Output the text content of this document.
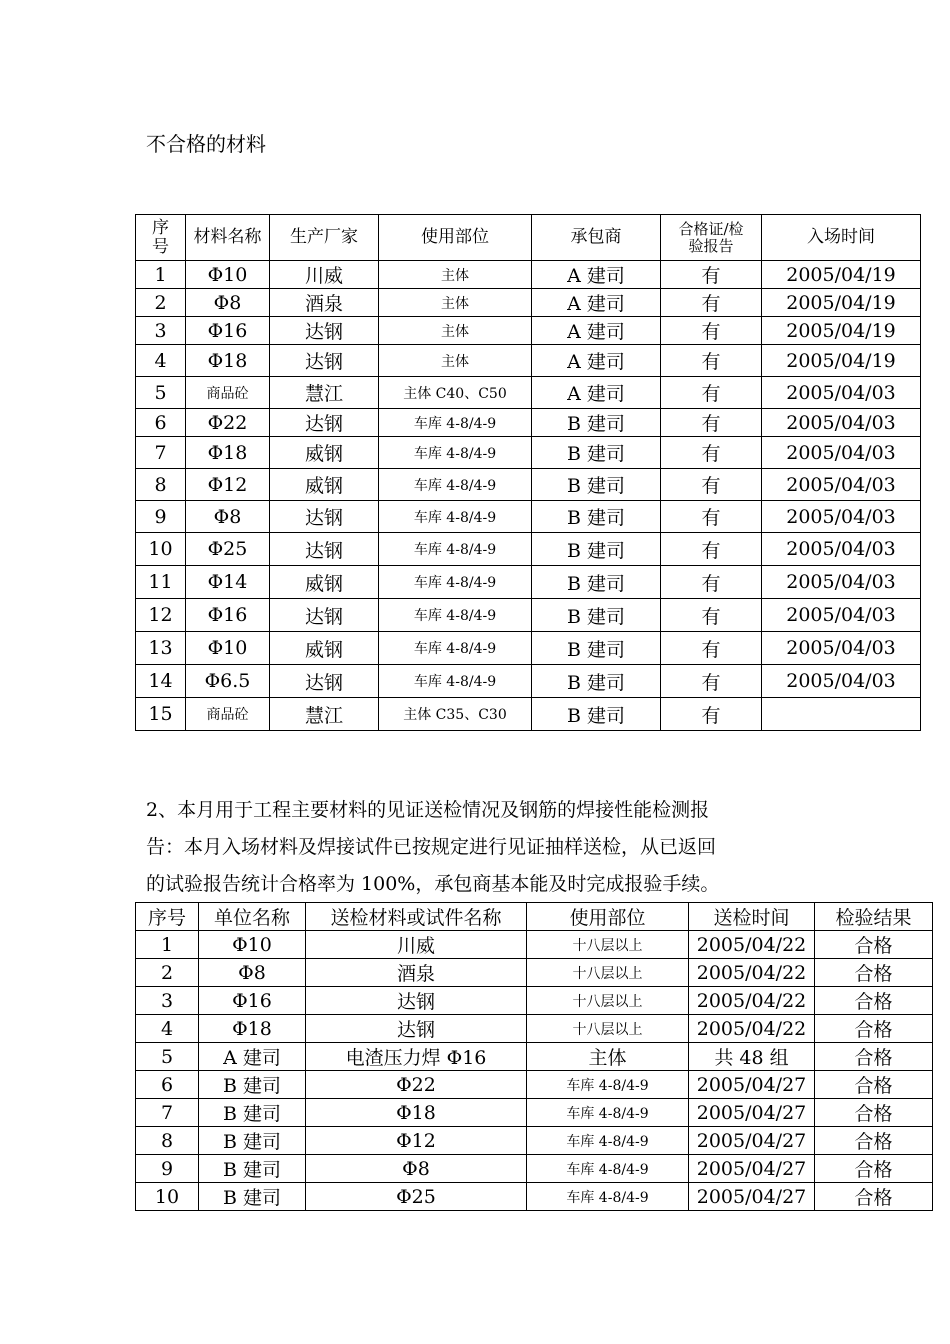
不合格的材料
序号	材料名称	生产厂家	使用部位	承包商	合格证/检验报告	入场时间
1	Φ10	川威	主体	A 建司	有	2005/04/19
2	Φ8	酒泉	主体	A 建司	有	2005/04/19
3	Φ16	达钢	主体	A 建司	有	2005/04/19
4	Φ18	达钢	主体	A 建司	有	2005/04/19
5	商品砼	慧江	主体 C40、C50	A 建司	有	2005/04/03
6	Φ22	达钢	车库 4-8/4-9	B 建司	有	2005/04/03
7	Φ18	威钢	车库 4-8/4-9	B 建司	有	2005/04/03
8	Φ12	威钢	车库 4-8/4-9	B 建司	有	2005/04/03
9	Φ8	达钢	车库 4-8/4-9	B 建司	有	2005/04/03
10	Φ25	达钢	车库 4-8/4-9	B 建司	有	2005/04/03
11	Φ14	威钢	车库 4-8/4-9	B 建司	有	2005/04/03
12	Φ16	达钢	车库 4-8/4-9	B 建司	有	2005/04/03
13	Φ10	威钢	车库 4-8/4-9	B 建司	有	2005/04/03
14	Φ6.5	达钢	车库 4-8/4-9	B 建司	有	2005/04/03
15	商品砼	慧江	主体 C35、C30	B 建司	有	
2、本月用于工程主要材料的见证送检情况及钢筋的焊接性能检测报
告：本月入场材料及焊接试件已按规定进行见证抽样送检，从已返回
的试验报告统计合格率为 100%，承包商基本能及时完成报验手续。
序号	单位名称	送检材料或试件名称	使用部位	送检时间	检验结果
1	Φ10	川威	十八层以上	2005/04/22	合格
2	Φ8	酒泉	十八层以上	2005/04/22	合格
3	Φ16	达钢	十八层以上	2005/04/22	合格
4	Φ18	达钢	十八层以上	2005/04/22	合格
5	A 建司	电渣压力焊 Φ16	主体	共 48 组	合格
6	B 建司	Φ22	车库 4-8/4-9	2005/04/27	合格
7	B 建司	Φ18	车库 4-8/4-9	2005/04/27	合格
8	B 建司	Φ12	车库 4-8/4-9	2005/04/27	合格
9	B 建司	Φ8	车库 4-8/4-9	2005/04/27	合格
10	B 建司	Φ25	车库 4-8/4-9	2005/04/27	合格
